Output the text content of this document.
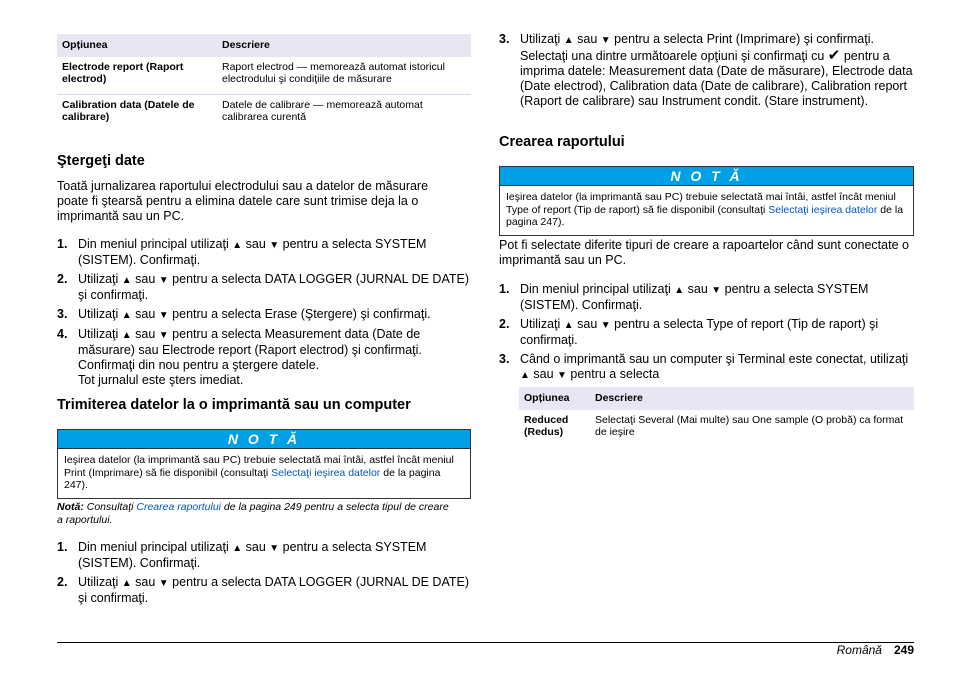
Opțiunea	Descriere
Electrode report (Raport electrod)	Raport electrod — memorează automat istoricul electrodului şi condiţiile de măsurare
Calibration data (Datele de calibrare)	Datele de calibrare — memorează automat calibrarea curentă
Ştergeţi date

Toată jurnalizarea raportului electrodului sau a datelor de măsurare poate fi ştearsă pentru a elimina datele care sunt trimise deja la o imprimantă sau un PC.

1. Din meniul principal utilizaţi ▲ sau ▼ pentru a selecta SYSTEM (SISTEM). Confirmaţi.
2. Utilizaţi ▲ sau ▼ pentru a selecta DATA LOGGER (JURNAL DE DATE) şi confirmaţi.
3. Utilizaţi ▲ sau ▼ pentru a selecta Erase (Ştergere) şi confirmaţi.
4. Utilizaţi ▲ sau ▼ pentru a selecta Measurement data (Date de măsurare) sau Electrode report (Raport electrod) şi confirmaţi. Confirmaţi din nou pentru a ştergere datele.
Tot jurnalul este şters imediat.
Trimiterea datelor la o imprimantă sau un computer
N O T Ă
Ieşirea datelor (la imprimantă sau PC) trebuie selectată mai întâi, astfel încât meniul Print (Imprimare) să fie disponibil (consultaţi Selectaţi ieşirea datelor de la pagina 247).

Notă: Consultaţi Crearea raportului de la pagina 249 pentru a selecta tipul de creare a raportului.

1. Din meniul principal utilizaţi ▲ sau ▼ pentru a selecta SYSTEM (SISTEM). Confirmaţi.
2. Utilizaţi ▲ sau ▼ pentru a selecta DATA LOGGER (JURNAL DE DATE) şi confirmaţi.
3. Utilizaţi ▲ sau ▼ pentru a selecta Print (Imprimare) şi confirmaţi. Selectaţi una dintre următoarele opţiuni şi confirmaţi cu ✔ pentru a imprima datele: Measurement data (Date de măsurare), Electrode data (Date electrod), Calibration data (Date de calibrare), Calibration report (Raport de calibrare) sau Instrument condit. (Stare instrument).
Crearea raportului
N O T Ă
Ieşirea datelor (la imprimantă sau PC) trebuie selectată mai întâi, astfel încât meniul Type of report (Tip de raport) să fie disponibil (consultaţi Selectaţi ieşirea datelor de la pagina 247).

Pot fi selectate diferite tipuri de creare a rapoartelor când sunt conectate o imprimantă sau un PC.

1. Din meniul principal utilizaţi ▲ sau ▼ pentru a selecta SYSTEM (SISTEM). Confirmaţi.
2. Utilizaţi ▲ sau ▼ pentru a selecta Type of report (Tip de raport) şi confirmaţi.
3. Când o imprimantă sau un computer şi Terminal este conectat, utilizaţi ▲ sau ▼ pentru a selecta
Opțiunea	Descriere
Reduced (Redus)	Selectaţi Several (Mai multe) sau One sample (O probă) ca format de ieşire
Română 249
